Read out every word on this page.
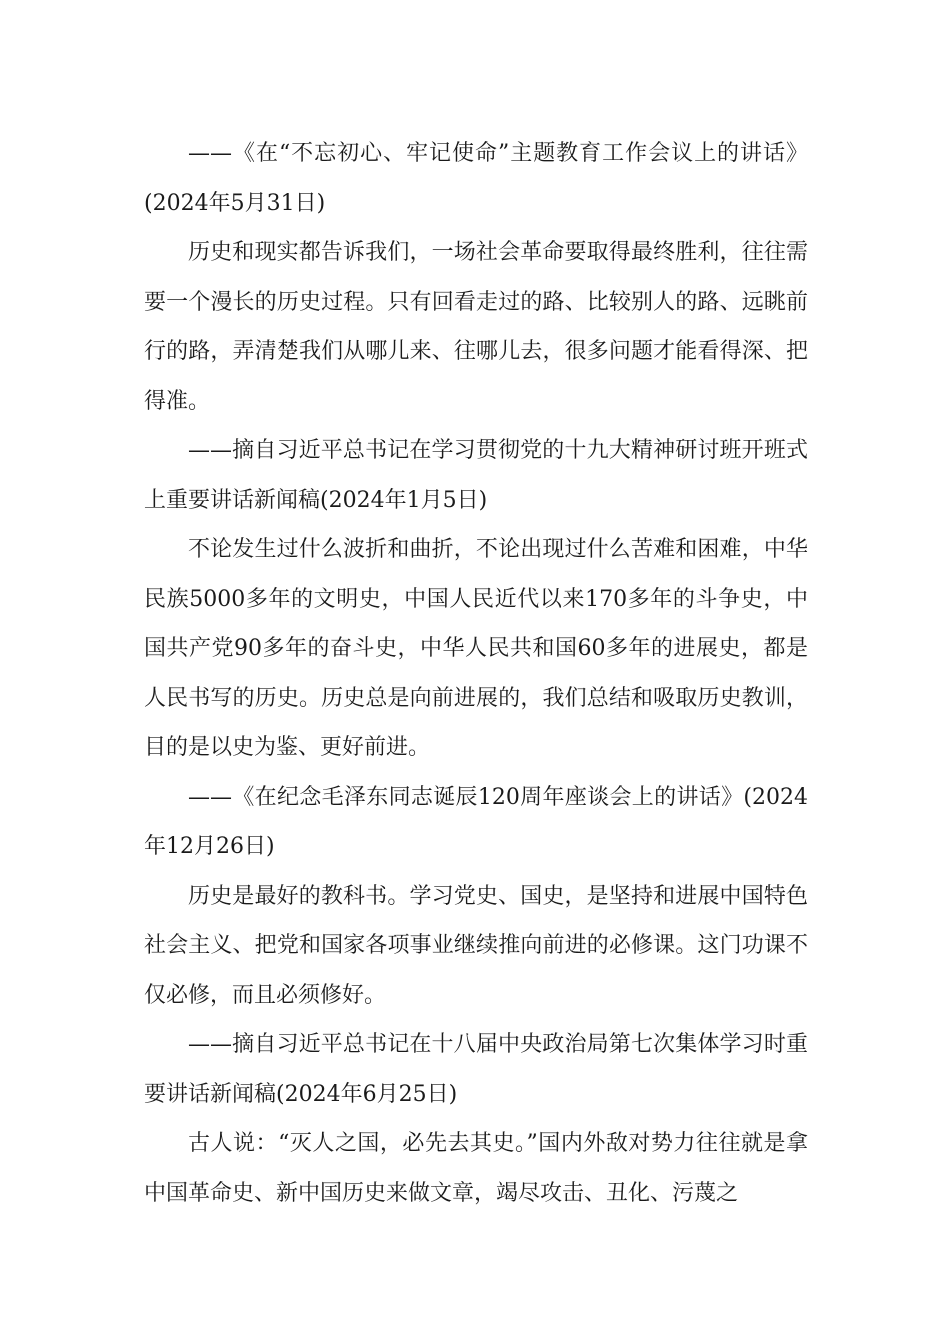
——《在“不忘初心、牢记使命”主题教育工作会议上的讲话》(2024年5月31日)

历史和现实都告诉我们，一场社会革命要取得最终胜利，往往需要一个漫长的历史过程。只有回看走过的路、比较别人的路、远眺前行的路，弄清楚我们从哪儿来、往哪儿去，很多问题才能看得深、把得准。

——摘自习近平总书记在学习贯彻党的十九大精神研讨班开班式上重要讲话新闻稿(2024年1月5日)

不论发生过什么波折和曲折，不论出现过什么苦难和困难，中华民族5000多年的文明史，中国人民近代以来170多年的斗争史，中国共产党90多年的奋斗史，中华人民共和国60多年的进展史，都是人民书写的历史。历史总是向前进展的，我们总结和吸取历史教训，目的是以史为鉴、更好前进。

——《在纪念毛泽东同志诞辰120周年座谈会上的讲话》(2024年12月26日)

历史是最好的教科书。学习党史、国史，是坚持和进展中国特色社会主义、把党和国家各项事业继续推向前进的必修课。这门功课不仅必修，而且必须修好。

——摘自习近平总书记在十八届中央政治局第七次集体学习时重要讲话新闻稿(2024年6月25日)

古人说：“灭人之国，必先去其史。”国内外敌对势力往往就是拿中国革命史、新中国历史来做文章，竭尽攻击、丑化、污蔑之
